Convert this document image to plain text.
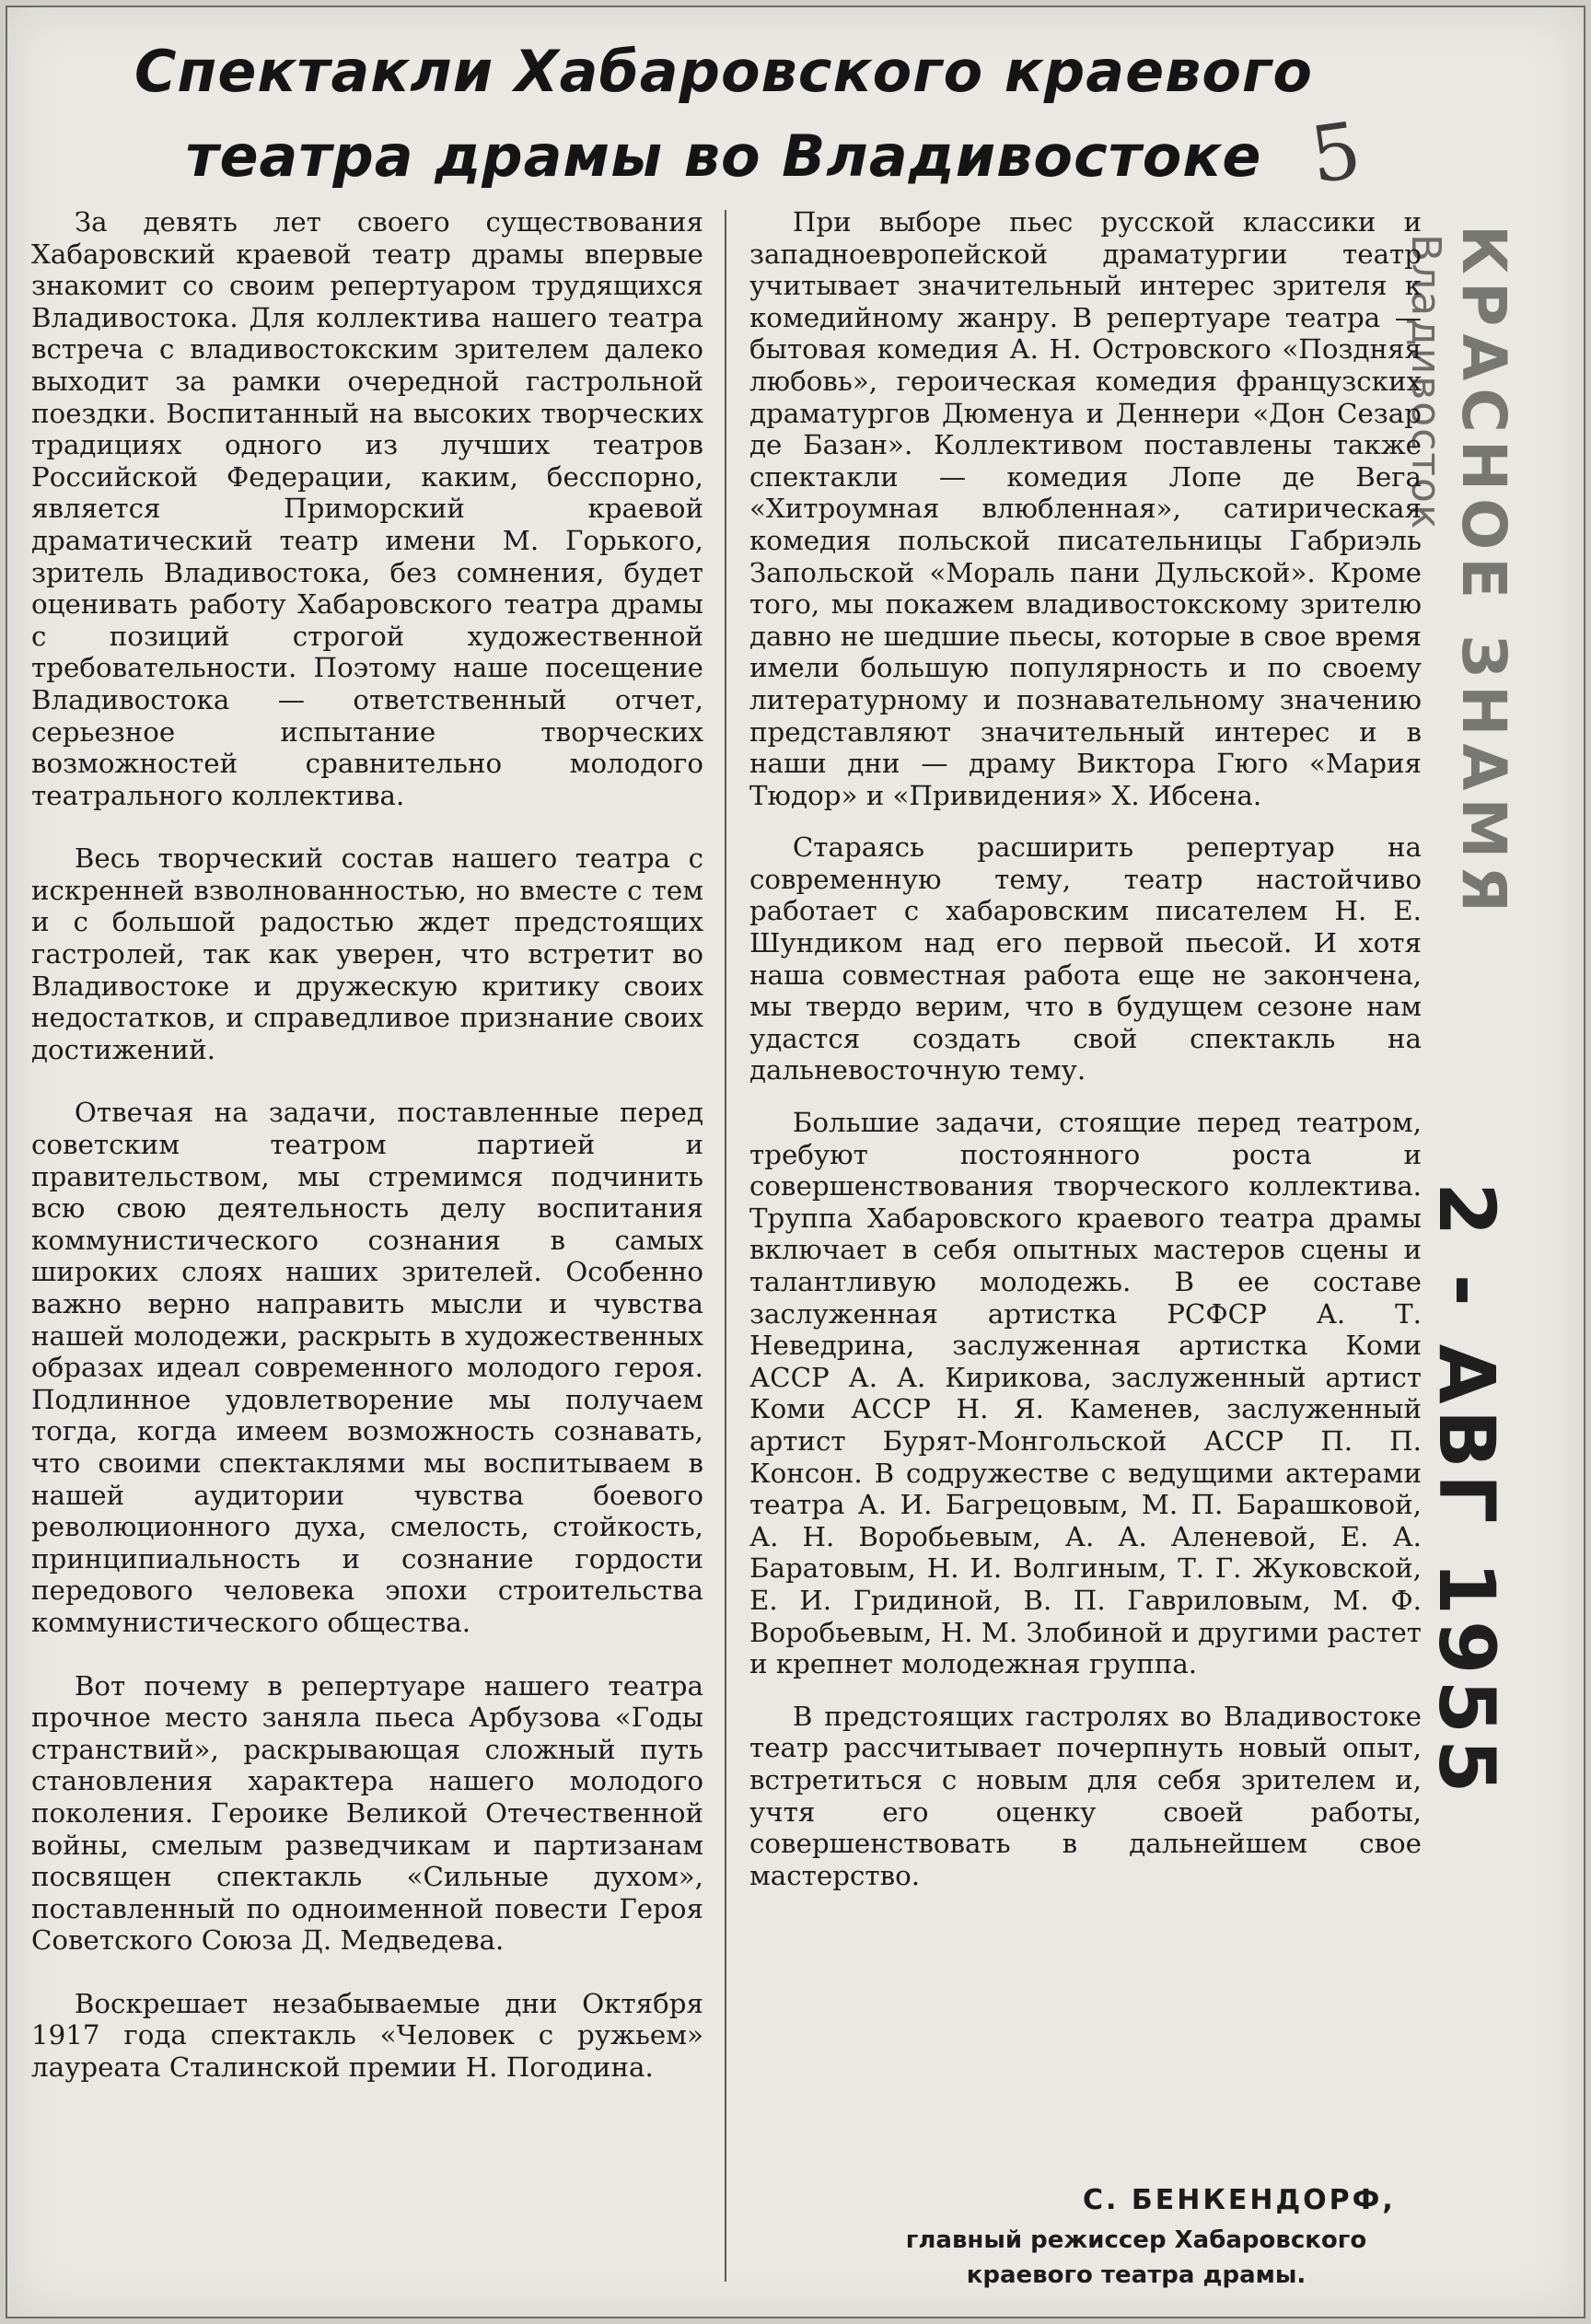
Спектакли Хабаровского краевого
театра драмы во Владивостоке 5

За девять лет своего существования Хабаровский краевой театр драмы впервые знакомит со своим репертуаром трудящихся Владивостока. Для коллектива нашего театра встреча с владивостокским зрителем далеко выходит за рамки очередной гастрольной поездки. Воспитанный на высоких творческих традициях одного из лучших театров Российской Федерации, каким, бесспорно, является Приморский краевой драматический театр имени М. Горького, зритель Владивостока, без сомнения, будет оценивать работу Хабаровского театра драмы с позиций строгой художественной требовательности. Поэтому наше посещение Владивостока — ответственный отчет, серьезное испытание творческих возможностей сравнительно молодого театрального коллектива.

Весь творческий состав нашего театра с искренней взволнованностью, но вместе с тем и с большой радостью ждет предстоящих гастролей, так как уверен, что встретит во Владивостоке и дружескую критику своих недостатков, и справедливое признание своих достижений.

Отвечая на задачи, поставленные перед советским театром партией и правительством, мы стремимся подчинить всю свою деятельность делу воспитания коммунистического сознания в самых широких слоях наших зрителей. Особенно важно верно направить мысли и чувства нашей молодежи, раскрыть в художественных образах идеал современного молодого героя. Подлинное удовлетворение мы получаем тогда, когда имеем возможность сознавать, что своими спектаклями мы воспитываем в нашей аудитории чувства боевого революционного духа, смелость, стойкость, принципиальность и сознание гордости передового человека эпохи строительства коммунистического общества.

Вот почему в репертуаре нашего театра прочное место заняла пьеса Арбузова «Годы странствий», раскрывающая сложный путь становления характера нашего молодого поколения. Героике Великой Отечественной войны, смелым разведчикам и партизанам посвящен спектакль «Сильные духом», поставленный по одноименной повести Героя Советского Союза Д. Медведева.

Воскрешает незабываемые дни Октября 1917 года спектакль «Человек с ружьем» лауреата Сталинской премии Н. Погодина.

При выборе пьес русской классики и западноевропейской драматургии театр учитывает значительный интерес зрителя к комедийному жанру. В репертуаре театра — бытовая комедия А. Н. Островского «Поздняя любовь», героическая комедия французских драматургов Дюменуа и Деннери «Дон Сезар де Базан». Коллективом поставлены также спектакли — комедия Лопе де Вега «Хитроумная влюбленная», сатирическая комедия польской писательницы Габриэль Запольской «Мораль пани Дульской». Кроме того, мы покажем владивостокскому зрителю давно не шедшие пьесы, которые в свое время имели большую популярность и по своему литературному и познавательному значению представляют значительный интерес и в наши дни — драму Виктора Гюго «Мария Тюдор» и «Привидения» Х. Ибсена.

Стараясь расширить репертуар на современную тему, театр настойчиво работает с хабаровским писателем Н. Е. Шундиком над его первой пьесой. И хотя наша совместная работа еще не закончена, мы твердо верим, что в будущем сезоне нам удастся создать свой спектакль на дальневосточную тему.

Большие задачи, стоящие перед театром, требуют постоянного роста и совершенствования творческого коллектива. Труппа Хабаровского краевого театра драмы включает в себя опытных мастеров сцены и талантливую молодежь. В ее составе заслуженная артистка РСФСР А. Т. Неведрина, заслуженная артистка Коми АССР А. А. Кирикова, заслуженный артист Коми АССР Н. Я. Каменев, заслуженный артист Бурят-Монгольской АССР П. П. Консон. В содружестве с ведущими актерами театра А. И. Багрецовым, М. П. Барашковой, А. Н. Воробьевым, А. А. Аленевой, Е. А. Баратовым, Н. И. Волгиным, Т. Г. Жуковской, Е. И. Гридиной, В. П. Гавриловым, М. Ф. Воробьевым, Н. М. Злобиной и другими растет и крепнет молодежная группа.

В предстоящих гастролях во Владивостоке театр рассчитывает почерпнуть новый опыт, встретиться с новым для себя зрителем и, учтя его оценку своей работы, совершенствовать в дальнейшем свое мастерство.

С. БЕНКЕНДОРФ,
главный режиссер Хабаровского краевого театра драмы.
КРАСНОЕ ЗНАМЯ
Владивосток
2 - АВГ 1955
